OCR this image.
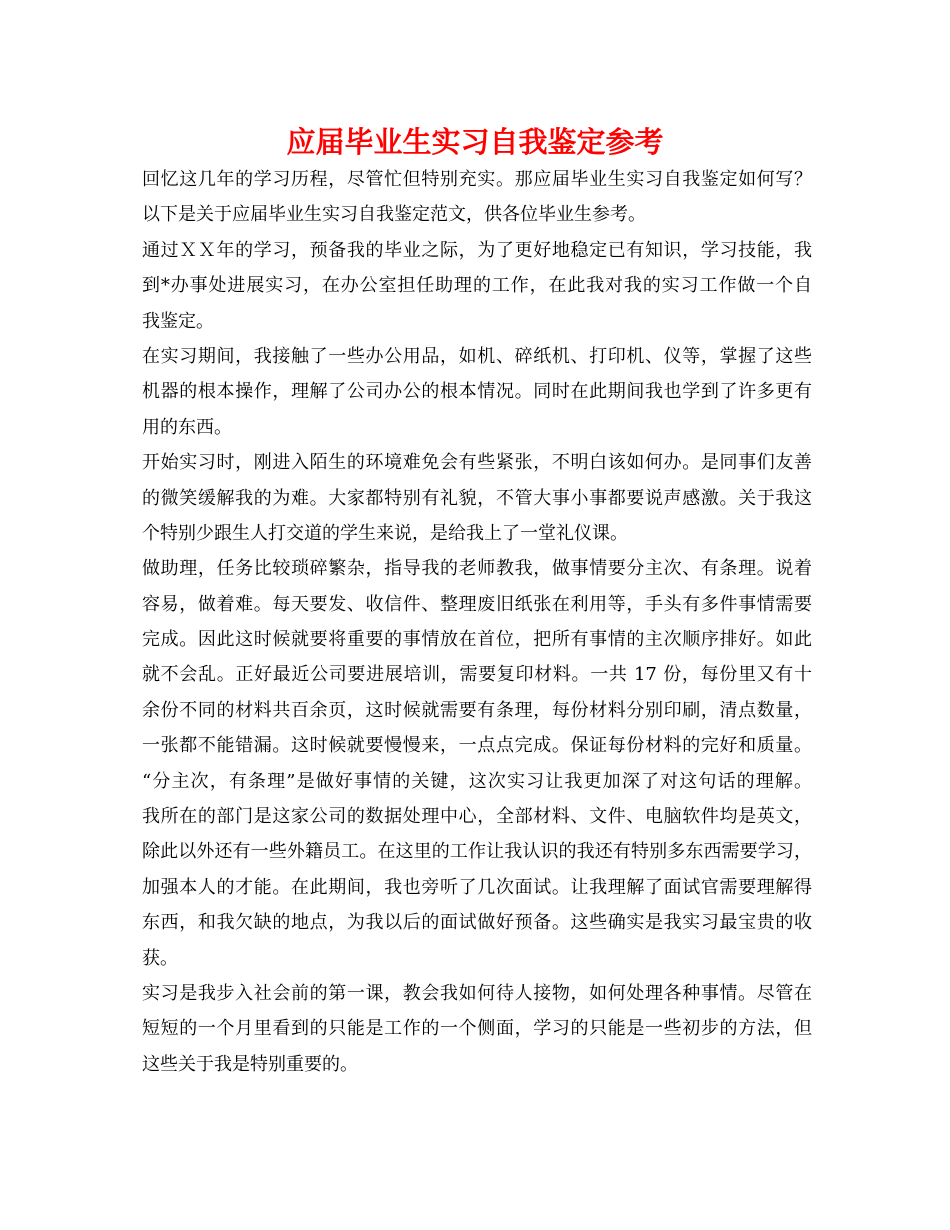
应届毕业生实习自我鉴定参考
回忆这几年的学习历程，尽管忙但特别充实。那应届毕业生实习自我鉴定如何写？
以下是关于应届毕业生实习自我鉴定范文，供各位毕业生参考。
通过ＸＸ年的学习，预备我的毕业之际，为了更好地稳定已有知识，学习技能，我
到*办事处进展实习，在办公室担任助理的工作，在此我对我的实习工作做一个自
我鉴定。
在实习期间，我接触了一些办公用品，如机、碎纸机、打印机、仪等，掌握了这些
机器的根本操作，理解了公司办公的根本情况。同时在此期间我也学到了许多更有
用的东西。
开始实习时，刚进入陌生的环境难免会有些紧张，不明白该如何办。是同事们友善
的微笑缓解我的为难。大家都特别有礼貌，不管大事小事都要说声感激。关于我这
个特别少跟生人打交道的学生来说，是给我上了一堂礼仪课。
做助理，任务比较琐碎繁杂，指导我的老师教我，做事情要分主次、有条理。说着
容易，做着难。每天要发、收信件、整理废旧纸张在利用等，手头有多件事情需要
完成。因此这时候就要将重要的事情放在首位，把所有事情的主次顺序排好。如此
就不会乱。正好最近公司要进展培训，需要复印材料。一共 17 份，每份里又有十
余份不同的材料共百余页，这时候就需要有条理，每份材料分别印刷，清点数量，
一张都不能错漏。这时候就要慢慢来，一点点完成。保证每份材料的完好和质量。
“分主次，有条理”是做好事情的关键，这次实习让我更加深了对这句话的理解。
我所在的部门是这家公司的数据处理中心，全部材料、文件、电脑软件均是英文，
除此以外还有一些外籍员工。在这里的工作让我认识的我还有特别多东西需要学习，
加强本人的才能。在此期间，我也旁听了几次面试。让我理解了面试官需要理解得
东西，和我欠缺的地点，为我以后的面试做好预备。这些确实是我实习最宝贵的收
获。
实习是我步入社会前的第一课，教会我如何待人接物，如何处理各种事情。尽管在
短短的一个月里看到的只能是工作的一个侧面，学习的只能是一些初步的方法，但
这些关于我是特别重要的。
